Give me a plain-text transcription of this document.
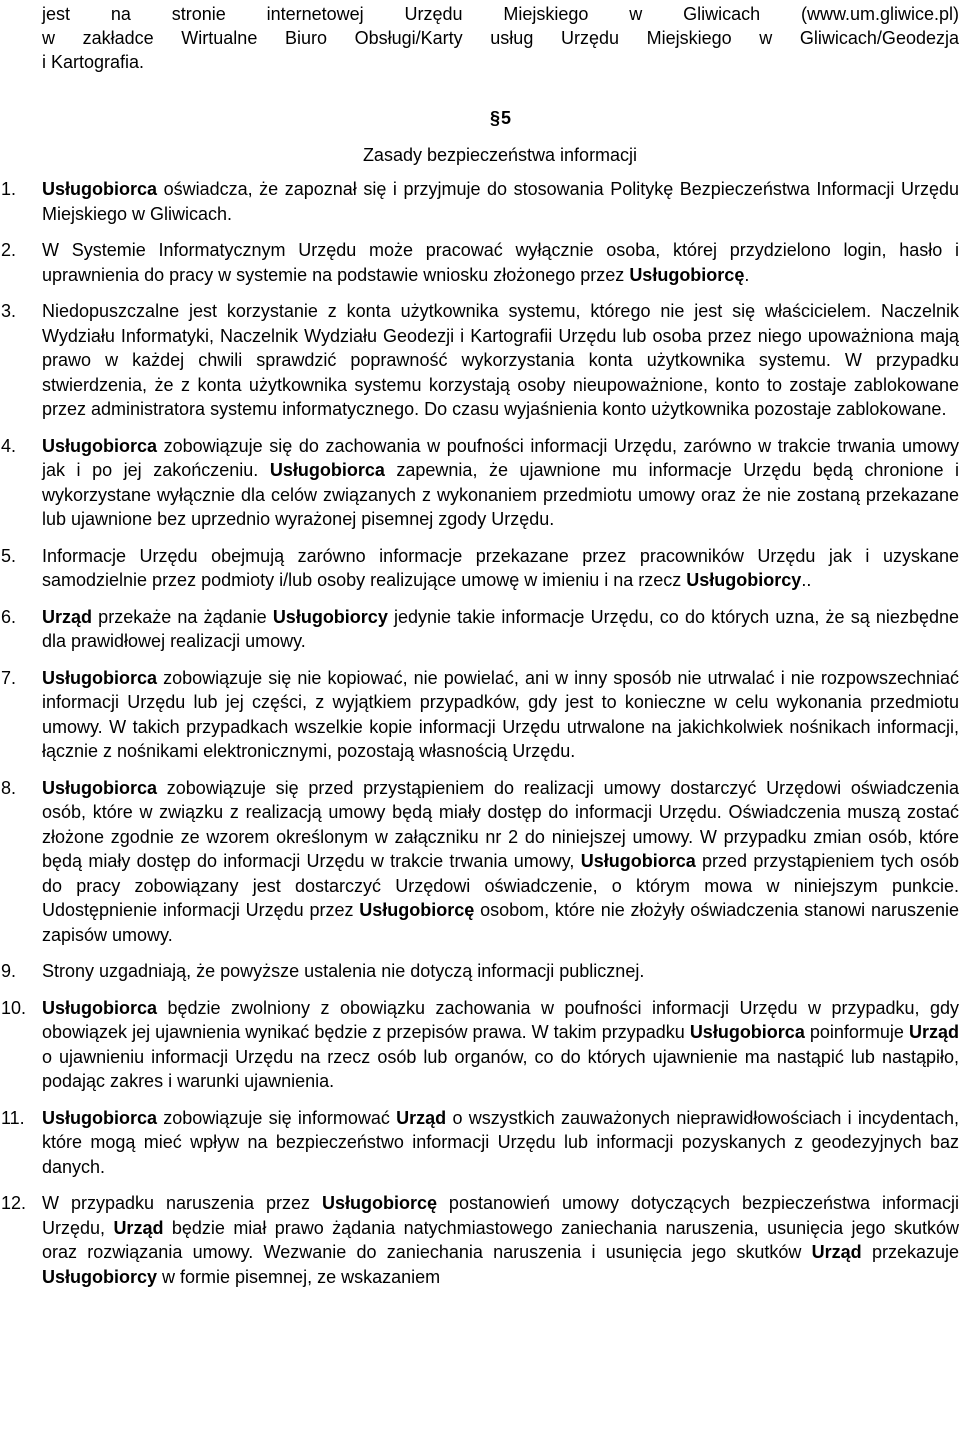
jest na stronie internetowej Urzędu Miejskiego w Gliwicach (www.um.gliwice.pl)
w zakładce Wirtualne Biuro Obsługi/Karty usług Urzędu Miejskiego w Gliwicach/Geodezja
i Kartografia.
§5
Zasady bezpieczeństwa informacji
1.	Usługobiorca oświadcza, że zapoznał się i przyjmuje do stosowania Politykę Bezpieczeństwa Informacji Urzędu Miejskiego w Gliwicach.
2.	W Systemie Informatycznym Urzędu może pracować wyłącznie osoba, której przydzielono login, hasło i uprawnienia do pracy w systemie na podstawie wniosku złożonego przez Usługobiorcę.
3.	Niedopuszczalne jest korzystanie z konta użytkownika systemu, którego nie jest się właścicielem. Naczelnik Wydziału Informatyki, Naczelnik Wydziału Geodezji i Kartografii Urzędu lub osoba przez niego upoważniona mają prawo w każdej chwili sprawdzić poprawność wykorzystania konta użytkownika systemu. W przypadku stwierdzenia, że z konta użytkownika systemu korzystają osoby nieupoważnione, konto to zostaje zablokowane przez administratora systemu informatycznego. Do czasu wyjaśnienia konto użytkownika pozostaje zablokowane.
4.	Usługobiorca zobowiązuje się do zachowania w poufności informacji Urzędu, zarówno w trakcie trwania umowy jak i po jej zakończeniu. Usługobiorca zapewnia, że ujawnione mu informacje Urzędu będą chronione i wykorzystane wyłącznie dla celów związanych z wykonaniem przedmiotu umowy oraz że nie zostaną przekazane lub ujawnione bez uprzednio wyrażonej pisemnej zgody Urzędu.
5.	Informacje Urzędu obejmują zarówno informacje przekazane przez pracowników Urzędu jak i uzyskane samodzielnie przez podmioty i/lub osoby realizujące umowę w imieniu i na rzecz Usługobiorcy..
6.	Urząd przekaże na żądanie Usługobiorcy jedynie takie informacje Urzędu, co do których uzna, że są niezbędne dla prawidłowej realizacji umowy.
7.	Usługobiorca zobowiązuje się nie kopiować, nie powielać, ani w inny sposób nie utrwalać i nie rozpowszechniać informacji Urzędu lub jej części, z wyjątkiem przypadków, gdy jest to konieczne w celu wykonania przedmiotu umowy. W takich przypadkach wszelkie kopie informacji Urzędu utrwalone na jakichkolwiek nośnikach informacji, łącznie z nośnikami elektronicznymi, pozostają własnością Urzędu.
8.	Usługobiorca zobowiązuje się przed przystąpieniem do realizacji umowy dostarczyć Urzędowi oświadczenia osób, które w związku z realizacją umowy będą miały dostęp do informacji Urzędu. Oświadczenia muszą zostać złożone zgodnie ze wzorem określonym w załączniku nr 2 do niniejszej umowy. W przypadku zmian osób, które będą miały dostęp do informacji Urzędu w trakcie trwania umowy, Usługobiorca przed przystąpieniem tych osób do pracy zobowiązany jest dostarczyć Urzędowi oświadczenie, o którym mowa w niniejszym punkcie. Udostępnienie informacji Urzędu przez Usługobiorcę osobom, które nie złożyły oświadczenia stanowi naruszenie zapisów umowy.
9.	Strony uzgadniają, że powyższe ustalenia nie dotyczą informacji publicznej.
10. Usługobiorca będzie zwolniony z obowiązku zachowania w poufności informacji Urzędu w przypadku, gdy obowiązek jej ujawnienia wynikać będzie z przepisów prawa. W takim przypadku Usługobiorca poinformuje Urząd o ujawnieniu informacji Urzędu na rzecz osób lub organów, co do których ujawnienie ma nastąpić lub nastąpiło, podając zakres i warunki ujawnienia.
11. Usługobiorca zobowiązuje się informować Urząd o wszystkich zauważonych nieprawidłowościach i incydentach, które mogą mieć wpływ na bezpieczeństwo informacji Urzędu lub informacji pozyskanych z geodezyjnych baz danych.
12. W przypadku naruszenia przez Usługobiorcę postanowień umowy dotyczących bezpieczeństwa informacji Urzędu, Urząd będzie miał prawo żądania natychmiastowego zaniechania naruszenia, usunięcia jego skutków oraz rozwiązania umowy. Wezwanie do zaniechania naruszenia i usunięcia jego skutków Urząd przekazuje Usługobiorcy w formie pisemnej, ze wskazaniem
